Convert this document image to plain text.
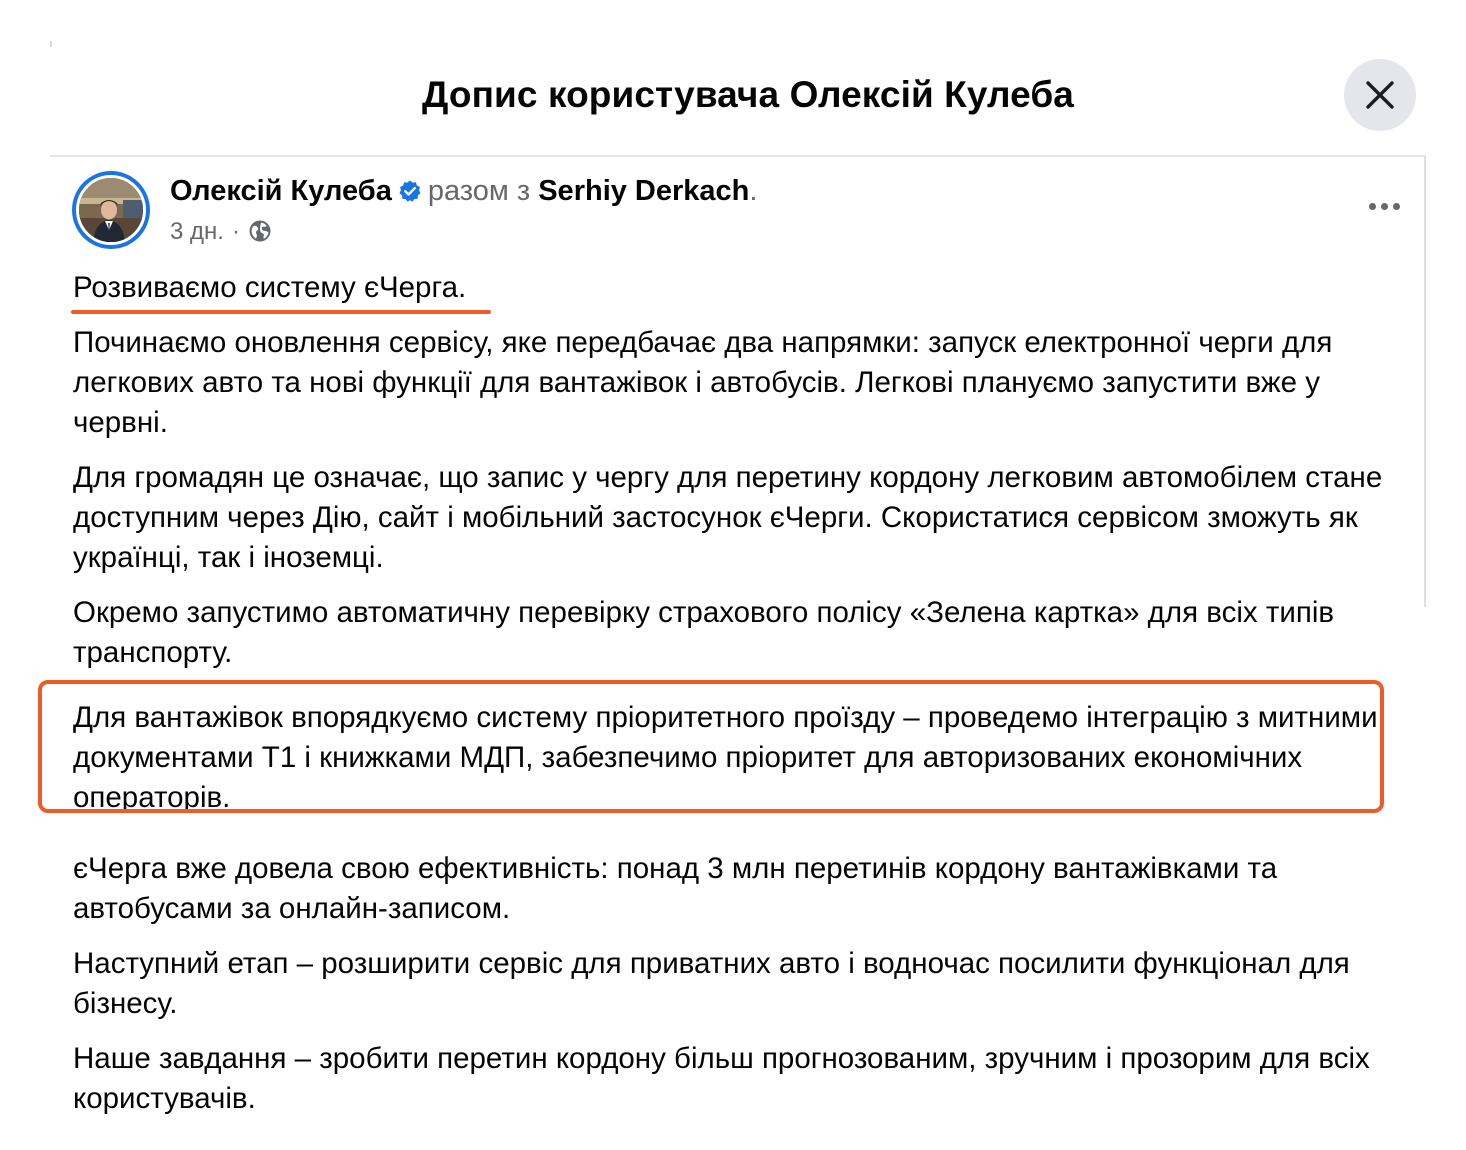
Допис користувача Олексій Кулеба
Олексій Кулеба разом з Serhiy Derkach.
3 дн. ·

Розвиваємо систему єЧерга.

Починаємо оновлення сервісу, яке передбачає два напрямки: запуск електронної черги для легкових авто та нові функції для вантажівок і автобусів. Легкові плануємо запустити вже у червні.

Для громадян це означає, що запис у чергу для перетину кордону легковим автомобілем стане доступним через Дію, сайт і мобільний застосунок єЧерги. Скористатися сервісом зможуть як українці, так і іноземці.

Окремо запустимо автоматичну перевірку страхового полісу «Зелена картка» для всіх типів транспорту.

Для вантажівок впорядкуємо систему пріоритетного проїзду – проведемо інтеграцію з митними документами Т1 і книжками МДП, забезпечимо пріоритет для авторизованих економічних операторів.

єЧерга вже довела свою ефективність: понад 3 млн перетинів кордону вантажівками та автобусами за онлайн-записом.

Наступний етап – розширити сервіс для приватних авто і водночас посилити функціонал для бізнесу.

Наше завдання – зробити перетин кордону більш прогнозованим, зручним і прозорим для всіх користувачів.
